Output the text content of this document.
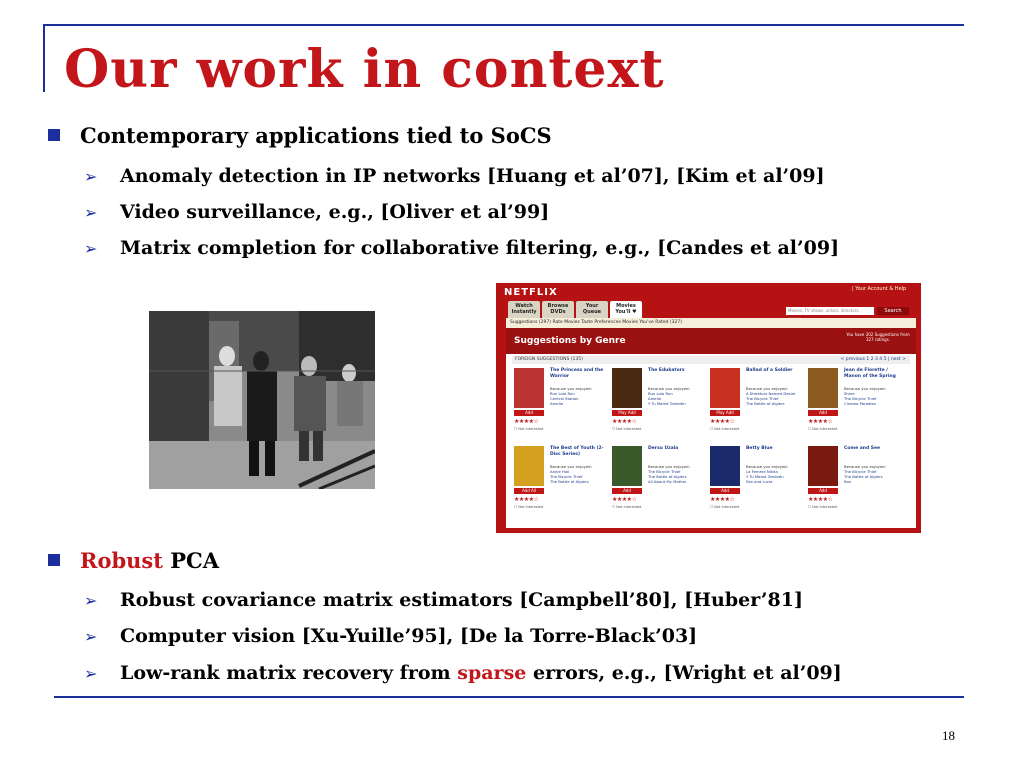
Our work in context
Contemporary applications tied to SoCS
➢ Anomaly detection in IP networks [Huang et al’07], [Kim et al’09]
➢ Video surveillance, e.g., [Oliver et al’99]
➢ Matrix completion for collaborative filtering, e.g., [Candes et al’09]
NETFLIX	| Your Account & Help
Watch Instantly
Browse DVDs
Your Queue
Movies You'll ♥	Movies, TV shows, actors, directors,	Search
Suggestions (297) Rate Movies Taste Preferences Movies You've Rated (327)
Suggestions by Genre
You have 302 Suggestions from 327 ratings.
FOREIGN SUGGESTIONS (135)	< previous 1 2 3 4 5 | next >
Add
★★★★☆
☐ Not Interested
The Princess and the Warrior
Because you enjoyed:
Run Lola Run
Central Station
Amelie
Play Add
★★★★☆
☐ Not Interested
The Edukators
Because you enjoyed:
Run Lola Run
Amelie
Y Tu Mamá También
Play Add
★★★★☆
☐ Not Interested
Ballad of a Soldier
Because you enjoyed:
A Streetcar Named Desire
The Bicycle Thief
The Battle of Algiers
Add
★★★★☆
☐ Not Interested
Jean de Florette / Manon of the Spring
Because you enjoyed:
Shine
The Bicycle Thief
Cinema Paradiso
Add All
★★★★☆
☐ Not Interested
The Best of Youth (2-Disc Series)
Because you enjoyed:
Annie Hall
The Bicycle Thief
The Battle of Algiers
Add
★★★★☆
☐ Not Interested
Dersu Uzala
Because you enjoyed:
The Bicycle Thief
The Battle of Algiers
All About My Mother
Add
★★★★☆
☐ Not Interested
Betty Blue
Because you enjoyed:
La Femme Nikita
Y Tu Mamá También
Sex and Lucía
Add
★★★★☆
☐ Not Interested
Come and See
Because you enjoyed:
The Bicycle Thief
The Battle of Algiers
Ran
Robust PCA
➢ Robust covariance matrix estimators [Campbell’80], [Huber’81]
➢ Computer vision [Xu-Yuille’95], [De la Torre-Black’03]
➢ Low-rank matrix recovery from sparse errors, e.g., [Wright et al’09]
18
